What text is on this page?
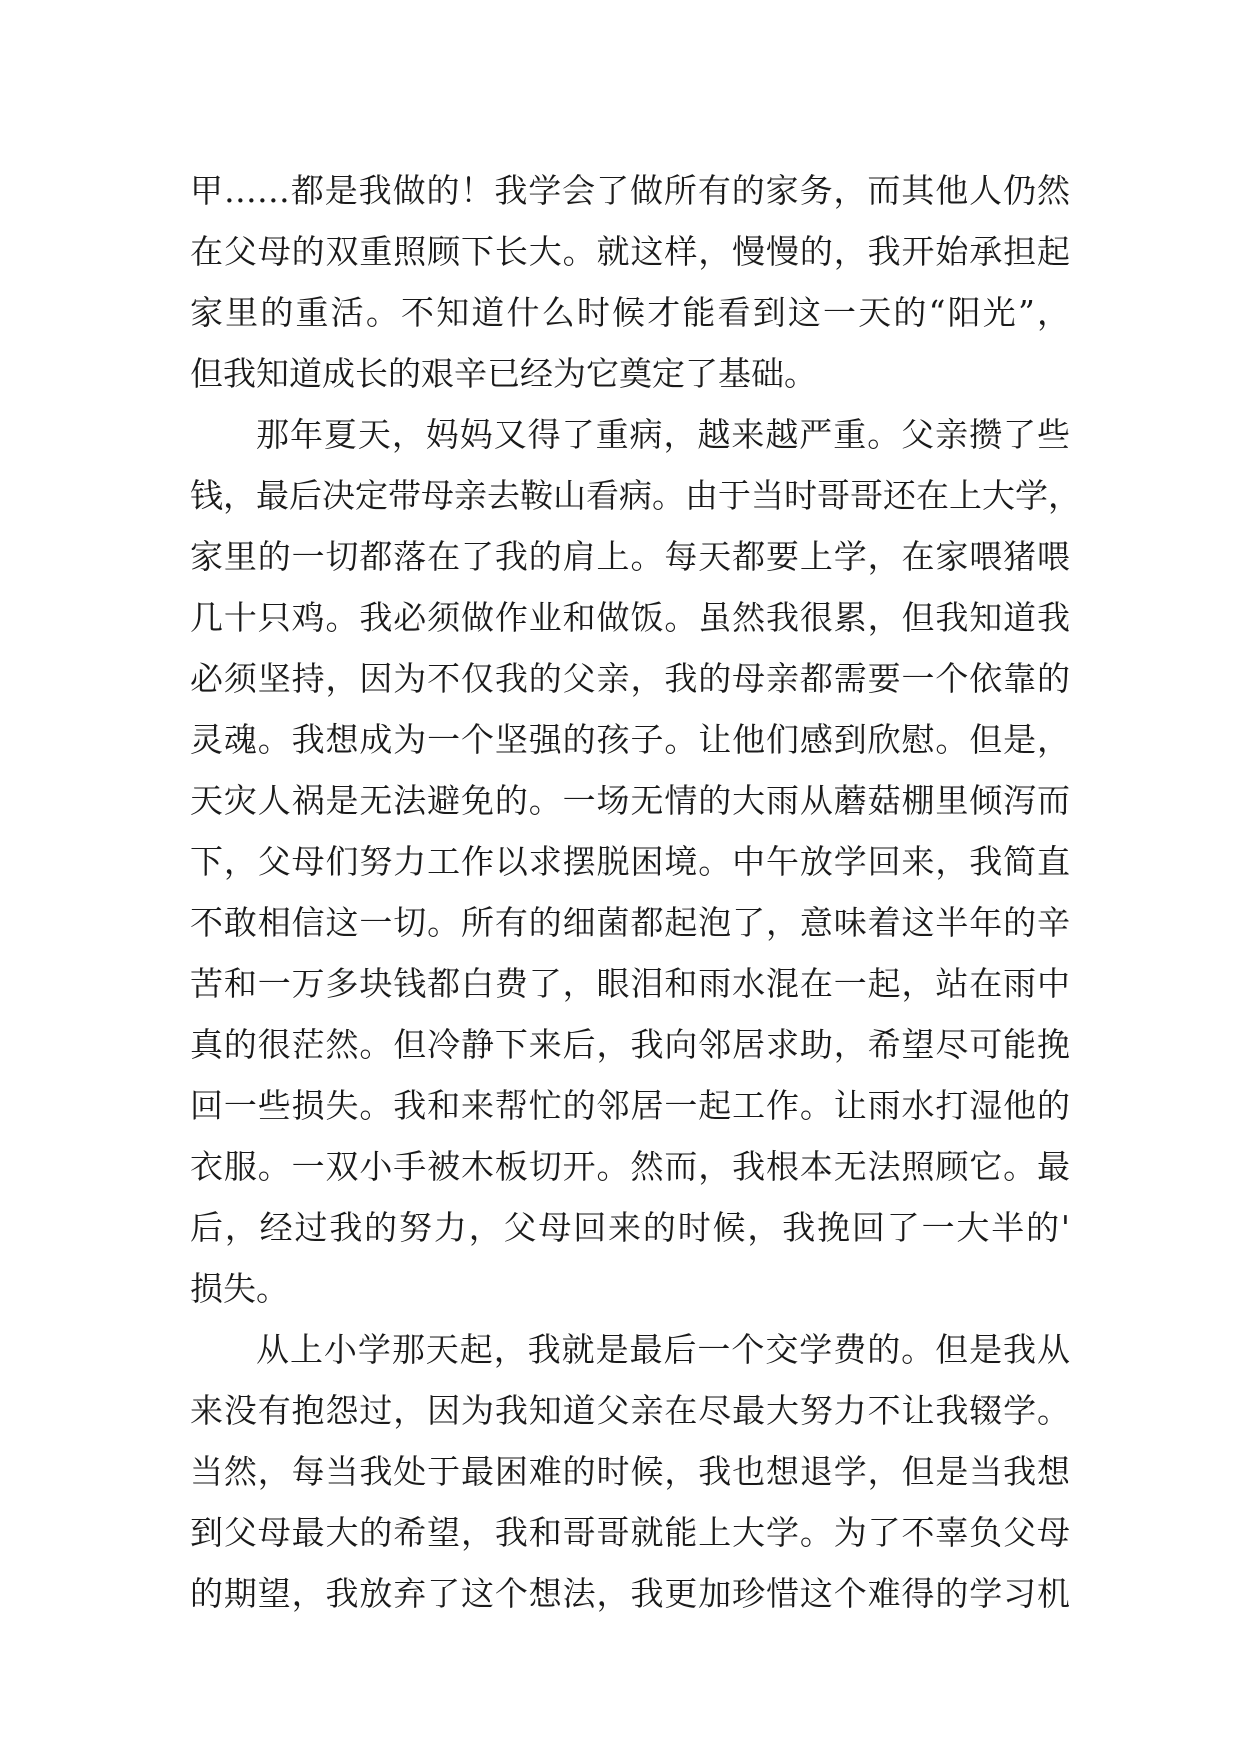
甲……都是我做的！我学会了做所有的家务，而其他人仍然
在父母的双重照顾下长大。就这样，慢慢的，我开始承担起
家里的重活。不知道什么时候才能看到这一天的“阳光”，
但我知道成长的艰辛已经为它奠定了基础。
那年夏天，妈妈又得了重病，越来越严重。父亲攒了些
钱，最后决定带母亲去鞍山看病。由于当时哥哥还在上大学，
家里的一切都落在了我的肩上。每天都要上学，在家喂猪喂
几十只鸡。我必须做作业和做饭。虽然我很累，但我知道我
必须坚持，因为不仅我的父亲，我的母亲都需要一个依靠的
灵魂。我想成为一个坚强的孩子。让他们感到欣慰。但是，
天灾人祸是无法避免的。一场无情的大雨从蘑菇棚里倾泻而
下，父母们努力工作以求摆脱困境。中午放学回来，我简直
不敢相信这一切。所有的细菌都起泡了，意味着这半年的辛
苦和一万多块钱都白费了，眼泪和雨水混在一起，站在雨中
真的很茫然。但冷静下来后，我向邻居求助，希望尽可能挽
回一些损失。我和来帮忙的邻居一起工作。让雨水打湿他的
衣服。一双小手被木板切开。然而，我根本无法照顾它。最
后，经过我的努力，父母回来的时候，我挽回了一大半的'
损失。
从上小学那天起，我就是最后一个交学费的。但是我从
来没有抱怨过，因为我知道父亲在尽最大努力不让我辍学。
当然，每当我处于最困难的时候，我也想退学，但是当我想
到父母最大的希望，我和哥哥就能上大学。为了不辜负父母
的期望，我放弃了这个想法，我更加珍惜这个难得的学习机
